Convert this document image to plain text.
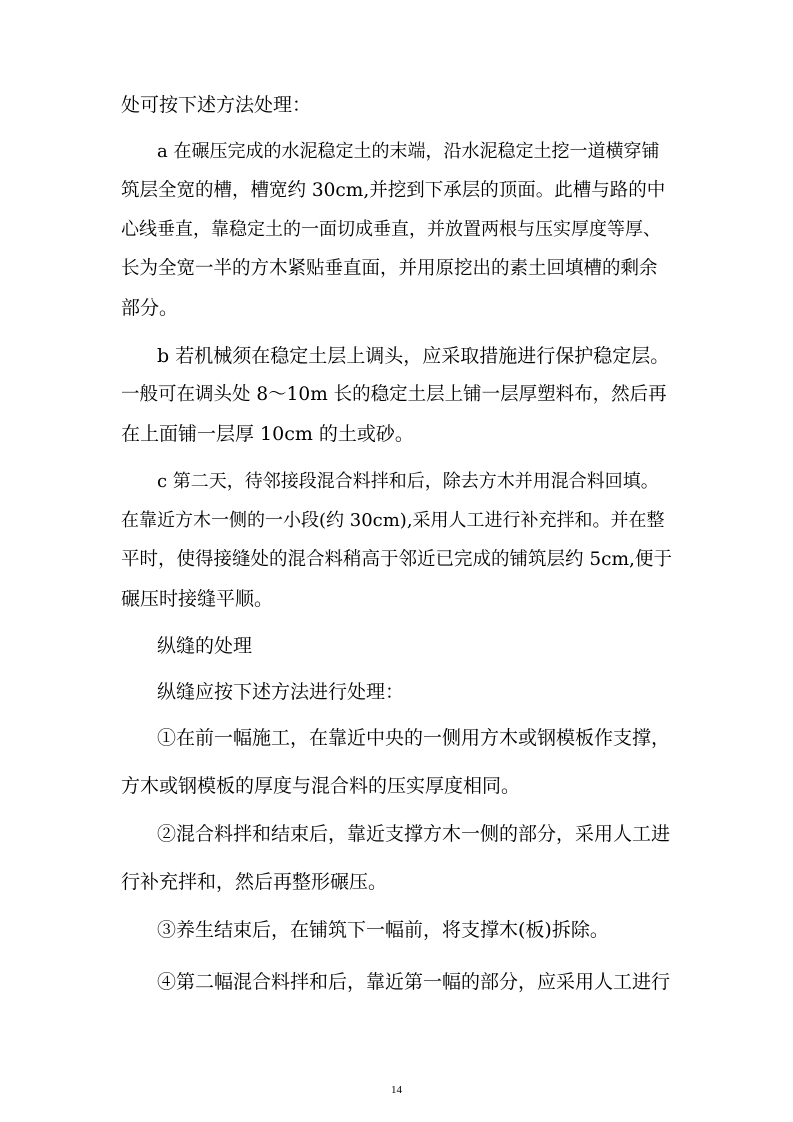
处可按下述方法处理：
a 在碾压完成的水泥稳定土的末端，沿水泥稳定土挖一道横穿铺
筑层全宽的槽，槽宽约 30cm,并挖到下承层的顶面。此槽与路的中
心线垂直，靠稳定土的一面切成垂直，并放置两根与压实厚度等厚、
长为全宽一半的方木紧贴垂直面，并用原挖出的素土回填槽的剩余
部分。
b 若机械须在稳定土层上调头，应采取措施进行保护稳定层。
一般可在调头处 8～10m 长的稳定土层上铺一层厚塑料布，然后再
在上面铺一层厚 10cm 的土或砂。
c 第二天，待邻接段混合料拌和后，除去方木并用混合料回填。
在靠近方木一侧的一小段(约 30cm),采用人工进行补充拌和。并在整
平时，使得接缝处的混合料稍高于邻近已完成的铺筑层约 5cm,便于
碾压时接缝平顺。
纵缝的处理
纵缝应按下述方法进行处理：
①在前一幅施工，在靠近中央的一侧用方木或钢模板作支撑，
方木或钢模板的厚度与混合料的压实厚度相同。
②混合料拌和结束后，靠近支撑方木一侧的部分，采用人工进
行补充拌和，然后再整形碾压。
③养生结束后，在铺筑下一幅前，将支撑木(板)拆除。
④第二幅混合料拌和后，靠近第一幅的部分，应采用人工进行
14
